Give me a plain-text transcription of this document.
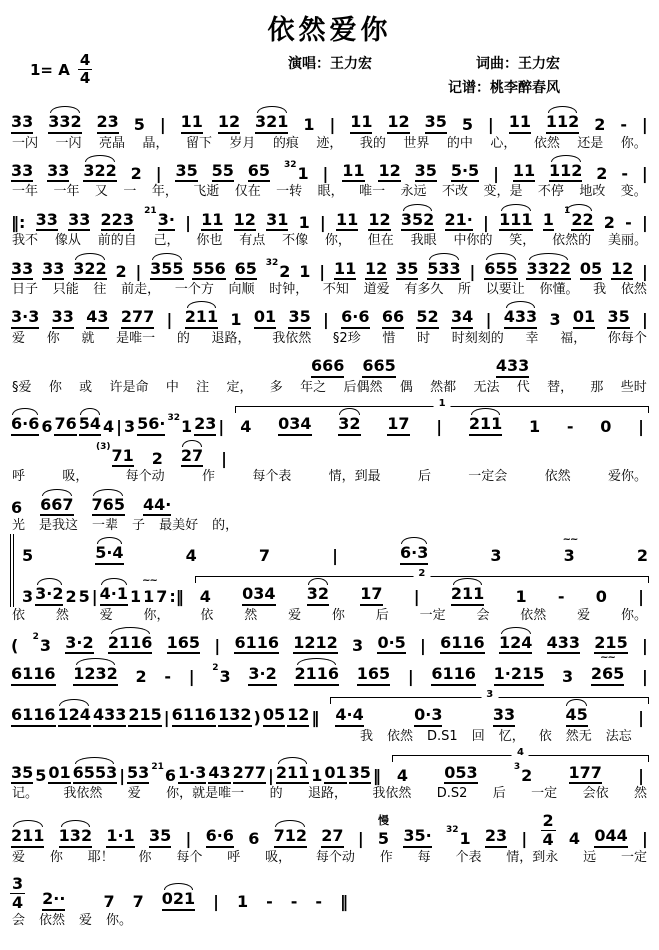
依然爱你
1= A
4
4
演唱：王力宏	词曲：王力宏
记谱：桃李醉春风
33 332 23 5 | 11 12 321 1 | 11 12 35 5 | 11 112 2 - |
一闪 一闪 亮晶 晶， 留下 岁月 的痕 迹， 我的 世界 的中 心， 依然 还是 你。
33 33 322 2 | 35 55 65 $^{32}$1 | 11 12 35 5·5 | 11 112 2 - |
一年 一年 又 一 年， 飞逝 仅在 一转 眼， 唯一 永远 不改 变，是 不停 地改 变。
‖: 33 33 223 $^{21}$3· | 11 12 31 1 | 11 12 352 21· | 111 1 $^1$22 2 - |
我不 像从 前的自 己， 你也 有点 不像 你， 但在 我眼 中你的 笑， 依然的 美丽。
33 33 322 2 | 355 556 65 $^{32}$2 1 | 11 12 35 533 | 655 3322 05 12 |
日子 只能 往 前走， 一个方 向顺 时钟， 不知 道爱 有多久 所 以要让 你懂。 我 依然
3·3 33 43 277 | 211 1 01 35 | 6·6 66 52 34 | 433 3 01 35 |
爱 你 就 是唯一 的 退路， 我依然 §2珍 惜 时 时刻刻的 幸 福， 你每个
666 665	433
§爱 你 或 许是命 中 注 定， 多 年之 后偶然 偶 然都 无法 代 替， 那 些时
6·6 6 76 54 4 | 3 56· $^{32}$1 23 |
1
4 034 32 17 | 211 1 - 0 |
$^{(3)}$71 2 27 |
呼	吸，	每个动	作	每个表	情，到最	后	一定会	依然	爱你。
6 667 765 44·
光 是我这 一辈 子 最美好 的，
5	5·4	4	7	|	6·3	3
~~
3	2
3 3·2 2 5 | 4·1 1
~~
1 7 :‖
2
4 034 32 17 | 211 1 - 0 |
依 然 爱 你， 依 然 爱 你 后 一定 会 依然 爱 你。
( $^2$3 3·2 2116 165 | 6116 1212 3 0·5 | 6116 124 433 215 |
6116 1232 2 - | $^2$3 3·2 2116 165 | 6116 1·215 3
~~
265 |
6116 124 433 215 | 6116 132 ) 05 12 ‖
3
4·4	0·3	33	45	|
我 依然 D.S1 回 忆， 依 然无 法忘
35 5 01 6553 | 53 $^{21}$6 1·3 43 277 | 211 1 01 35 ‖
4
4 053	$^3$2 177 |
记。 我依然 爱 你，就是唯一 的 退路， 我依然 D.S2 后 一定 会依 然
211 132 1·1 35 | 6·6 6 712 27 |
慢
5 35· $^{32}$1 23 |
2
4 4 044 |
爱 你 耶！ 你 每个 呼 吸， 每个动 作 每 个表 情，到永 远 一定
3
4 2·· 7 7 021 | 1 - - - ‖
会 依然 爱 你。
